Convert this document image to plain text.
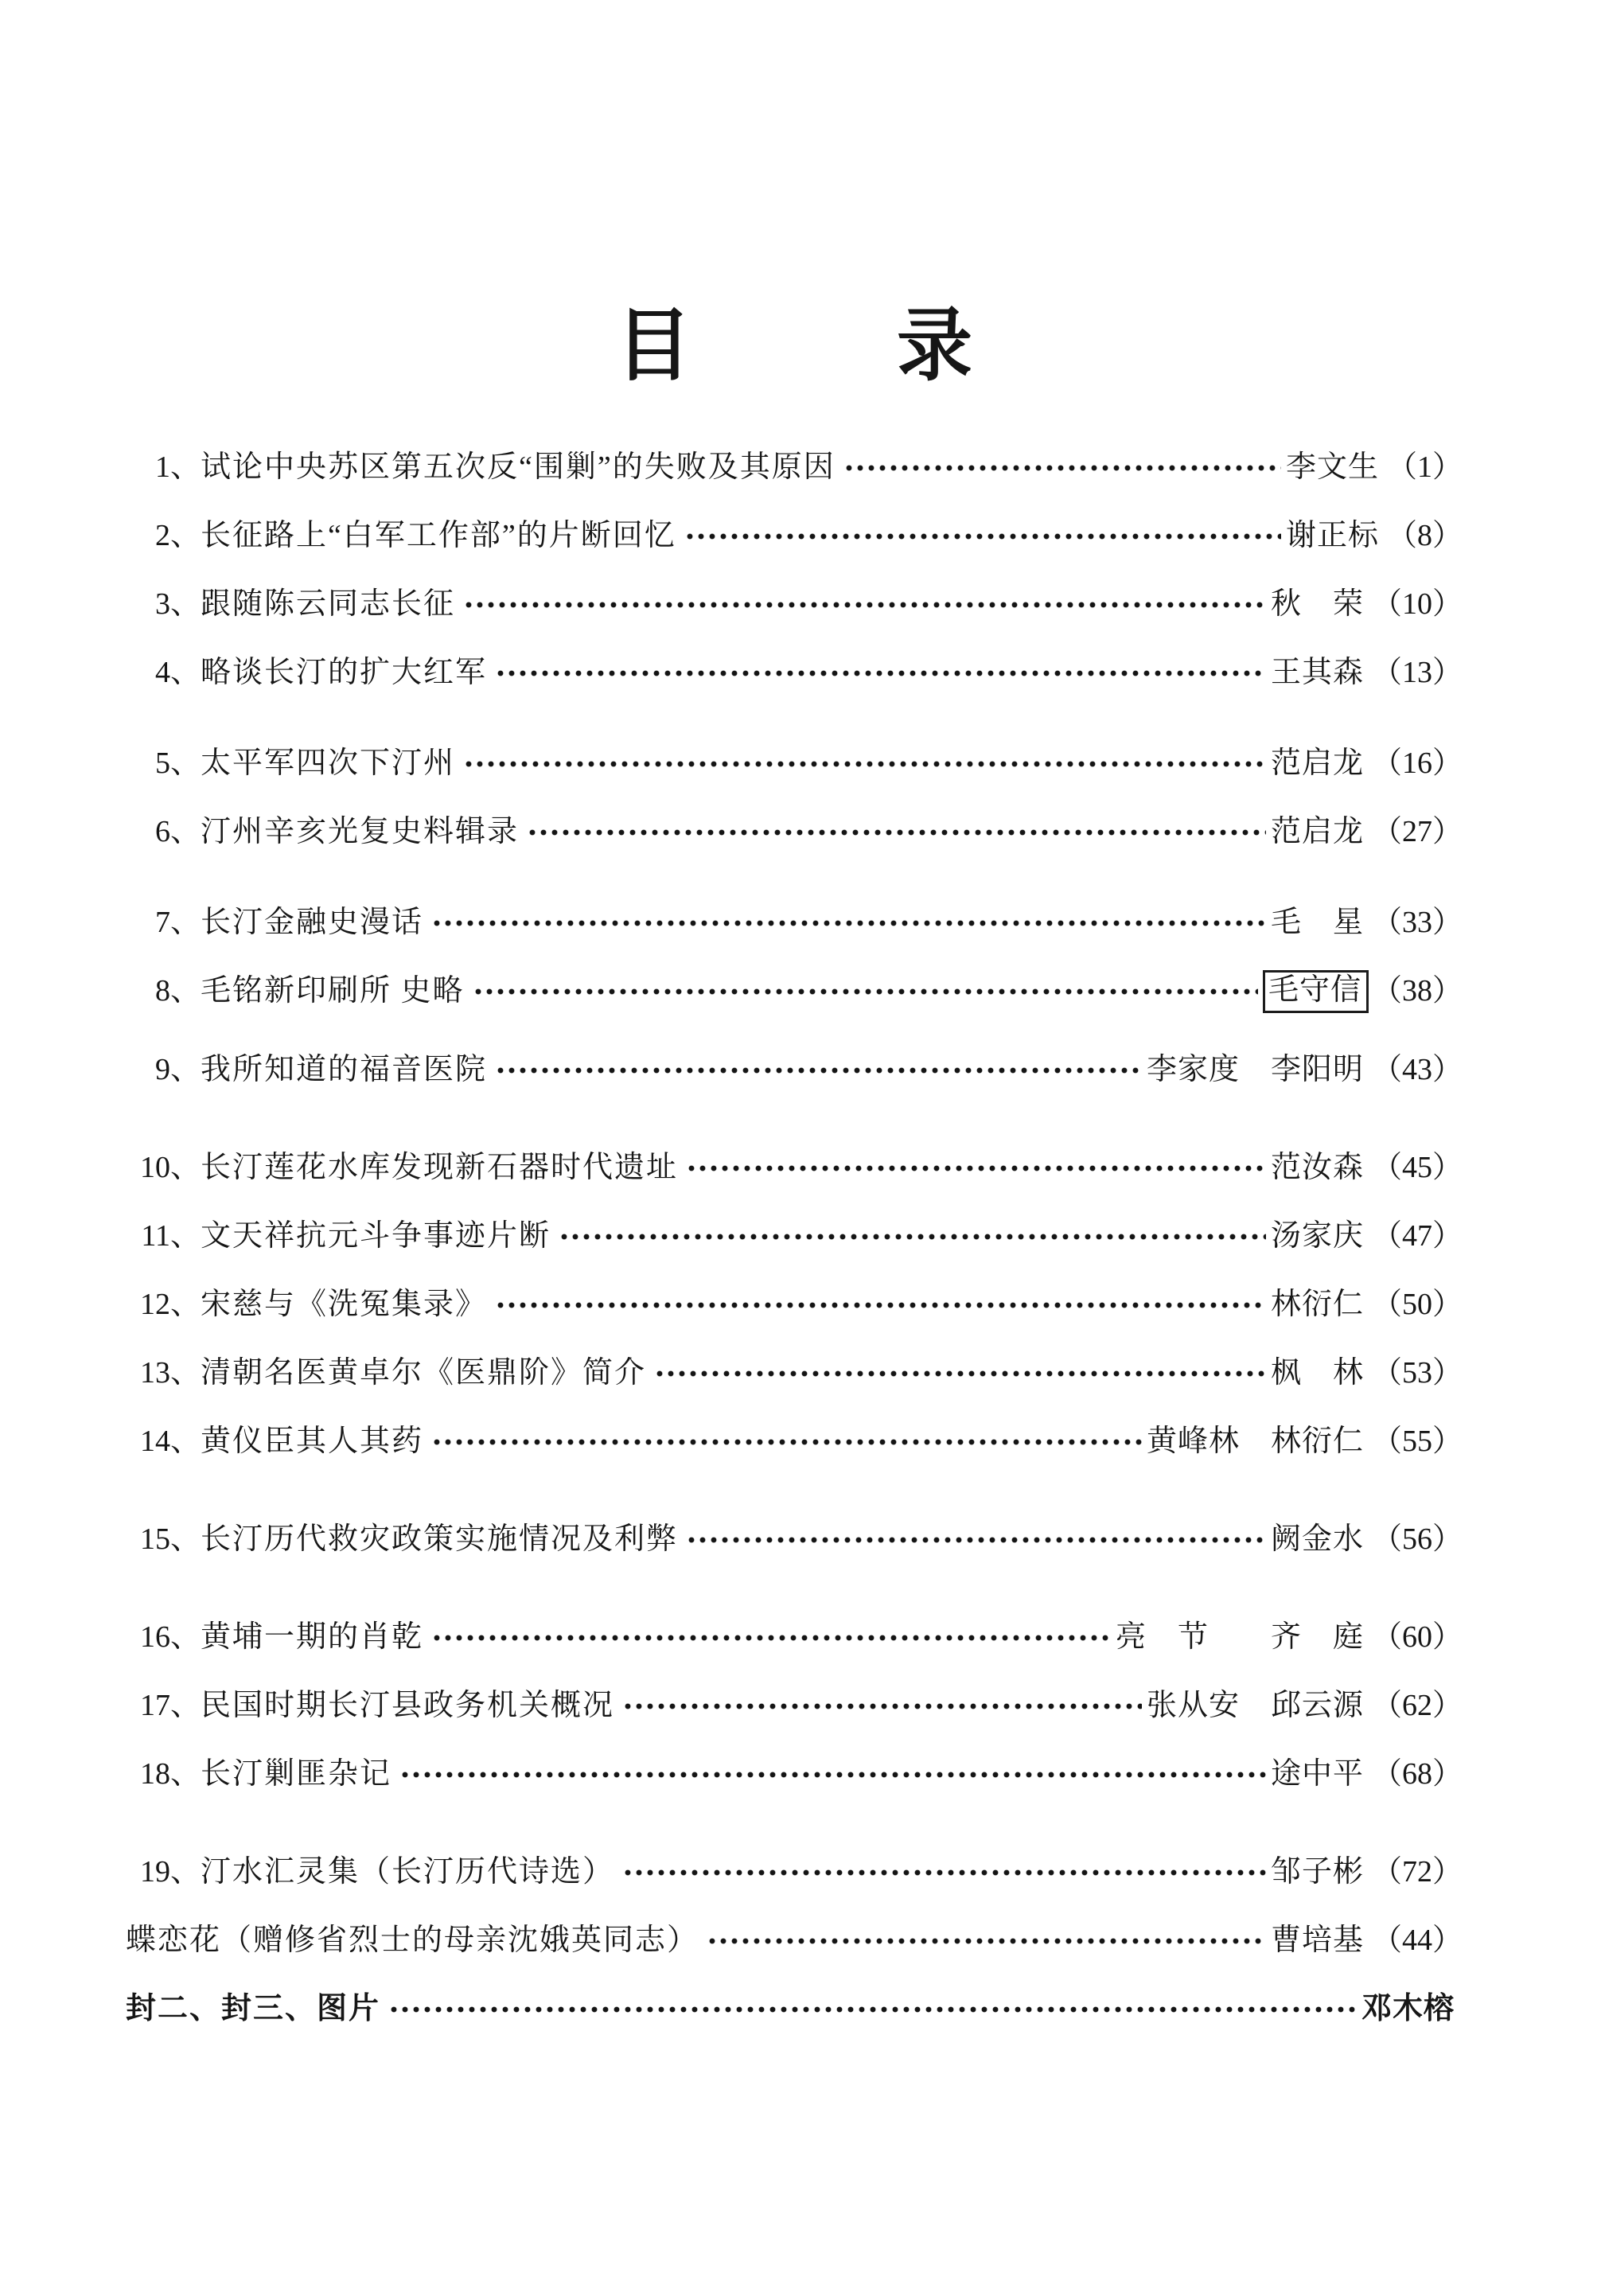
目	录
1、 试论中央苏区第五次反“围剿”的失败及其原因	李文生 （1）
2、 长征路上“白军工作部”的片断回忆	谢正标 （8）
3、 跟随陈云同志长征	秋　荣 （10）
4、 略谈长汀的扩大红军	王其森 （13）
5、 太平军四次下汀州	范启龙 （16）
6、 汀州辛亥光复史料辑录	范启龙 （27）
7、 长汀金融史漫话	毛　星 （33）
8、 毛铭新印刷所 史略	毛守信 （38）
9、 我所知道的福音医院	李家度　李阳明 （43）
10、 长汀莲花水库发现新石器时代遗址	范汝森 （45）
11、 文天祥抗元斗争事迹片断	汤家庆 （47）
12、 宋慈与《洗冤集录》	林衍仁 （50）
13、 清朝名医黄卓尔《医鼎阶》简介	枫　林 （53）
14、 黄仪臣其人其药	黄峰林　林衍仁 （55）
15、 长汀历代救灾政策实施情况及利弊	阙金水 （56）
16、 黄埔一期的肖乾	亮　节　　齐　庭 （60）
17、 民国时期长汀县政务机关概况	张从安　邱云源 （62）
18、 长汀剿匪杂记	途中平 （68）
19、 汀水汇灵集（长汀历代诗选）	邹子彬 （72）
蝶恋花（赠修省烈士的母亲沈娥英同志）	曹培基 （44）
封二、封三、图片	邓木榕
